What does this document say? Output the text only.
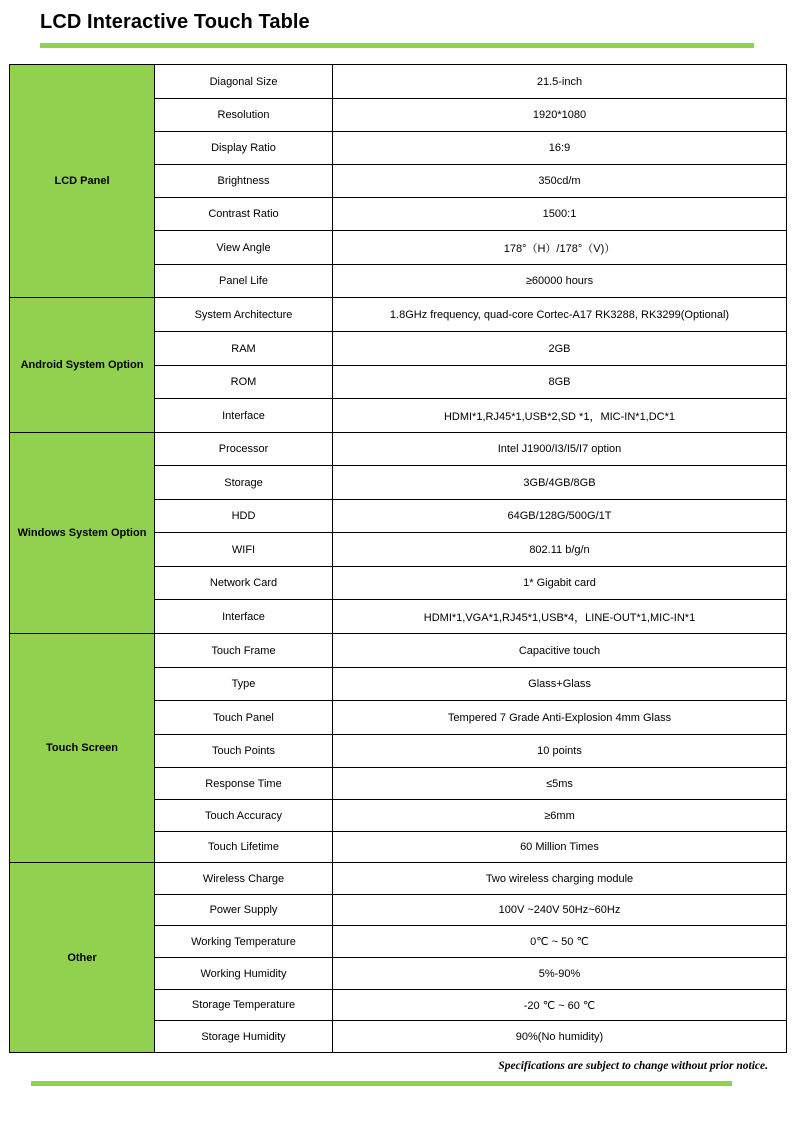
LCD Interactive Touch Table
LCD Panel	Diagonal Size	21.5-inch
	Resolution	1920*1080
	Display Ratio	16:9
	Brightness	350cd/m
	Contrast Ratio	1500:1
	View Angle	178°（H）/178°（V)）
	Panel Life	≥60000 hours
Android System Option	System Architecture	1.8GHz frequency, quad-core Cortec-A17 RK3288, RK3299(Optional)
	RAM	2GB
	ROM	8GB
	Interface	HDMI*1,RJ45*1,USB*2,SD *1，MIC-IN*1,DC*1
Windows System Option	Processor	Intel J1900/I3/I5/I7 option
	Storage	3GB/4GB/8GB
	HDD	64GB/128G/500G/1T
	WIFI	802.11 b/g/n
	Network Card	1* Gigabit card
	Interface	HDMI*1,VGA*1,RJ45*1,USB*4，LINE-OUT*1,MIC-IN*1
Touch Screen	Touch Frame	Capacitive touch
	Type	Glass+Glass
	Touch Panel	Tempered 7 Grade Anti-Explosion 4mm Glass
	Touch Points	10 points
	Response Time	≤5ms
	Touch Accuracy	≥6mm
	Touch Lifetime	60 Million Times
Other	Wireless Charge	Two wireless charging module
	Power Supply	100V ~240V 50Hz~60Hz
	Working Temperature	0℃ ~ 50 ℃
	Working Humidity	5%-90%
	Storage Temperature	-20 ℃ ~ 60 ℃
	Storage Humidity	90%(No humidity)
Specifications are subject to change without prior notice.
